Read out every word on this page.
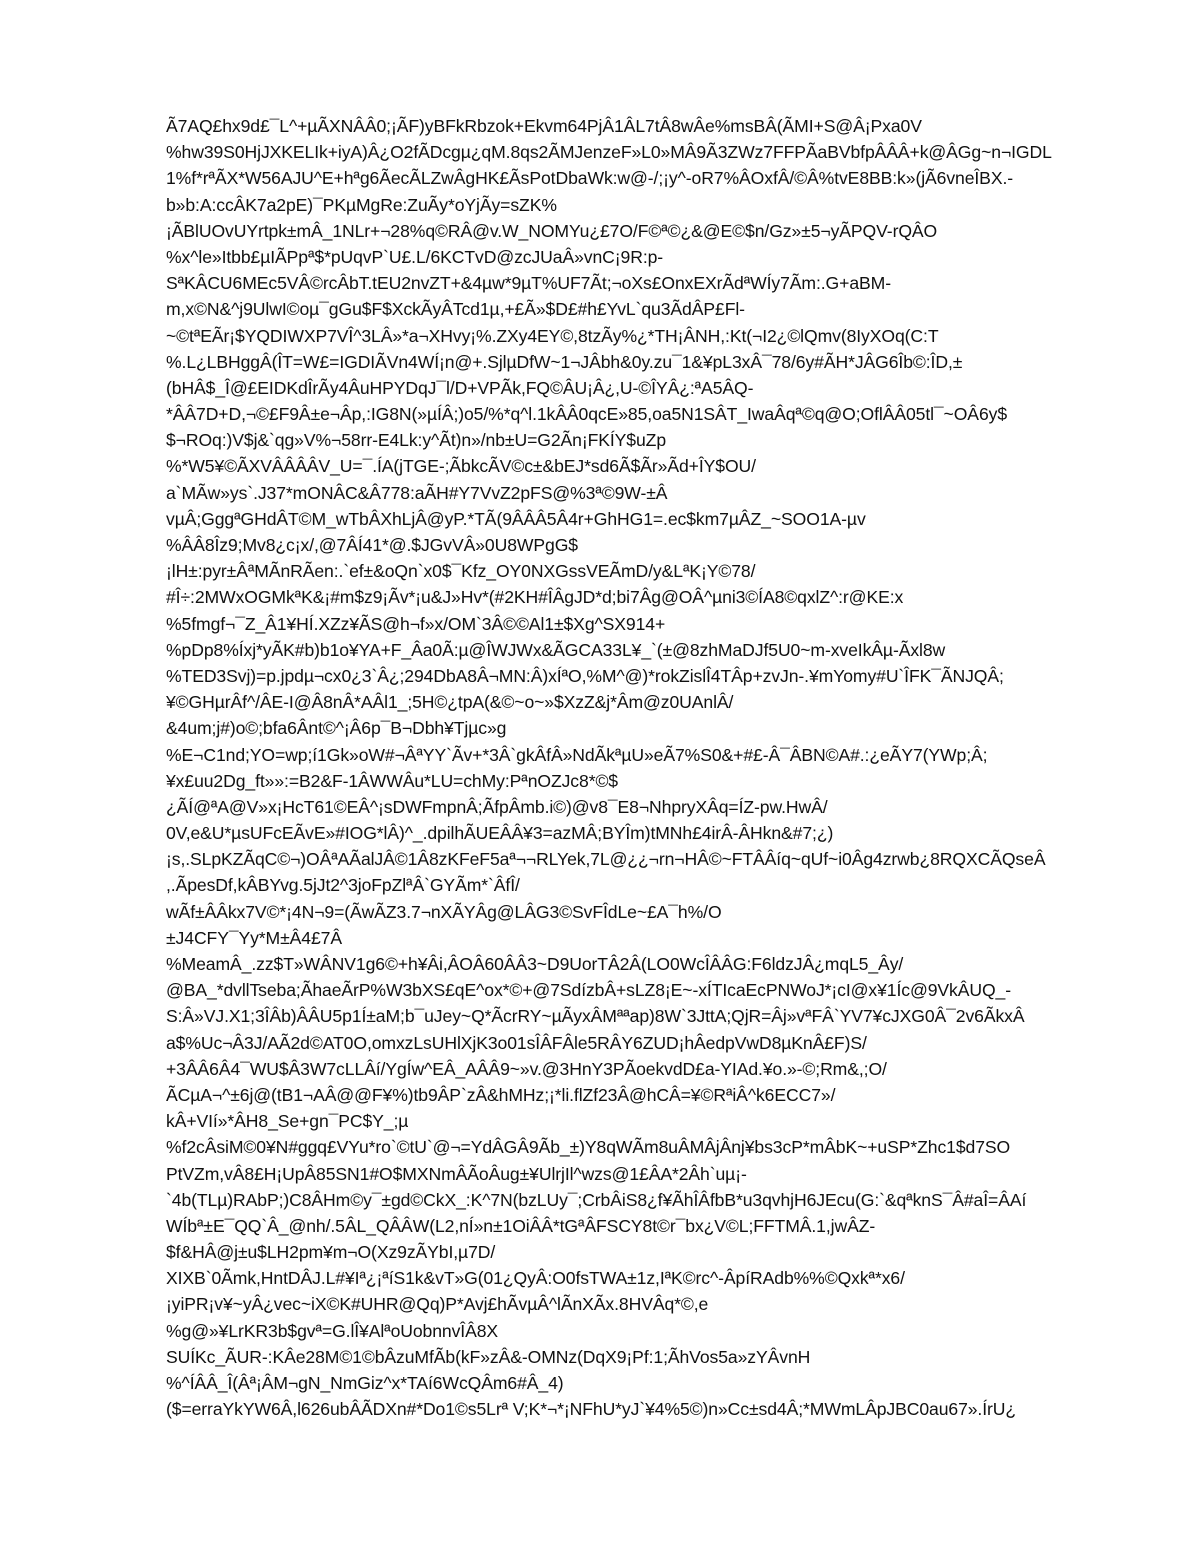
Ã7AQ£hx9d£¯L^+µÃXNÂÂ0;¡ÃF)yBFkRbzok+Ekvm64PjÂ1ÂL7tÂ8wÂe%msBÂ(ÃMI+S@Â¡Pxa0V
%hw39S0HjJXKELIk+iyA)Â¿O2fÃDcgµ¿qM.8qs2ÃMJenzeF»L0»MÂ9Ã3ZWz7FFPÃaBVbfpÂÂÂ+k@ÂGg~n¬IGDL
1%f*rªÃX*W56AJU^E+hªg6ÃecÃLZwÂgHK£ÃsPotDbaWk:w@-/;¡y^-oR7%ÂOxfÂ/©Â%tvE8BB:k»(jÃ6vneÎBX.-
b»b:A:ccÂK7a2pE)¯PKµMgRe:ZuÃy*oYjÃy=sZK%
¡ÃBlUOvUYrtpk±mÂ_1NLr+¬28%q©RÂ@v.W_NOMYu¿£7O/F©ª©¿&@E©$n/Gz»±5¬yÃPQV-rQÂO
%x^le»Itbb£µIÃPpª$*pUqvP`U£.L/6KCTvD@zcJUaÂ»vnC¡9R:p-
SªKÂCU6MEc5VÂ©rcÂbT.tEU2nvZT+&4µw*9µT%UF7Ãt;¬oXs£OnxEXrÃdªWÍy7Ãm:.G+aBM-
m,x©N&^j9UlwI©oµ¯gGu$F$XckÃyÂTcd1µ,+£Ã»$D£#h£YvL`qu3ÃdÂP£Fl-
~©tªEÃr¡$YQDIWXP7VÎ^3LÂ»*a¬XHvy¡%.ZXy4EY©,8tzÃy%¿*TH¡ÂNH,:Kt(¬I2¿©lQmv(8IyXOq(C:T
%.L¿LBHggÂ(ÎT=W£=IGDIÃVn4WÍ¡n@+.SjlµDfW~1¬JÂbh&0y.zu¯1&¥pL3xÂ¯78/6y#ÃH*JÂG6Îb©:ÎD,±
(bHÂ$_Î@£EIDKdÎrÃy4ÂuHPYDqJ¯l/D+VPÃk,FQ©ÂU¡Â¿,U-©ÎYÂ¿:ªA5ÂQ-
*ÂÂ7D+D,¬©£F9Â±e¬Âp,:IG8N(»µÍÂ;)o5/%*q^l.1kÂÂ0qcE»85,oa5N1SÂT_IwaÂqª©q@O;OflÂÂ05tl¯~OÂ6y$
$¬ROq:)V$j&`qg»V%¬58rr-E4Lk:y^Ãt)n»/nb±U=G2Ãn¡FKÍY$uZp
%*W5¥©ÃXVÂÂÂÂV_U=¯.ÍA(jTGE-;ÃbkcÃV©c±&bEJ*sd6Ã$Ãr»Ãd+ÎY$OU/
a`MÃw»ys`.J37*mONÂC&Â778:aÃH#Y7VvZ2pFS@%3ª©9W-±Â
vµÂ;GggªGHdÂT©M_wTbÂXhLjÂ@yP.*TÃ(9ÂÂÂ5Â4r+GhHG1=.ec$km7µÂZ_~SOO1A-µv
%ÂÂ8Îz9;Mv8¿c¡x/,@7ÂÍ41*@.$JGvVÂ»0U8WPgG$
¡lH±:pyr±ÂªMÃnRÃen:.`ef±&oQn`x0$¯Kfz_OY0NXGssVEÃmD/y&LªK¡Y©78/
#Î÷:2MWxOGMkªK&¡#m$z9¡Ãv*¡u&J»Hv*(#2KH#ÎÂgJD*d;bi7Âg@OÂ^µni3©ÍA8©qxlZ^:r@KE:x
%5fmgf¬¯Z_Â1¥HÍ.XZz¥ÃS@h¬f»x/OM`3Â©©Al1±$Xg^SX914+
%pDp8%Íxj*yÃK#b)b1o¥YA+F_Âa0Ã:µ@ÎWJWx&ÃGCA33L¥_`(±@8zhMaDJf5U0~m-xveIkÂµ-Ãxl8w
%TED3Svj)=p.jpdµ¬cx0¿3`Â¿;294DbA8Â¬MN:Â)xÍªO,%M^@)*rokZislÎ4TÂp+zvJn-.¥mYomy#U`ÎFK¯ÃNJQÂ;
¥©GHµrÂf^/ÂE-I@Â8nÂ*AÂl1_;5H©¿tpA(&©~o~»$XzZ&j*Âm@z0UAnlÂ/
&4um;j#)o©;bfa6Ânt©^¡Â6p¯B¬Dbh¥Tjµc»g
%E¬C1nd;YO=wp;í1Gk»oW#¬ÂªYY`Ãv+*3Â`gkÂfÂ»NdÃkªµU»eÃ7%S0&+#£-Â¯ÂBN©A#.:¿eÃY7(YWp;Â;
¥x£uu2Dg_ft»»:=B2&F-1ÂWWÂu*LU=chMy:PªnOZJc8*©$
¿ÃÍ@ªA@V»x¡HcT61©EÂ^¡sDWFmpnÂ;ÃfpÂmb.i©)@v8¯E8¬NhpryXÂq=ÍZ-pw.HwÂ/
0V,e&U*µsUFcEÃvE»#IOG*lÂ)^_.dpilhÃUEÂÂ¥3=azMÂ;BYÎm)tMNh£4irÂ-ÂHkn&#7;¿)
¡s,.SLpKZÃqC©¬)OÂªAÃalJÂ©1Â8zKFeF5aª¬¬RLYek,7L@¿¿¬rn¬HÂ©~FTÂÂíq~qUf~i0Âg4zrwb¿8RQXCÃQseÂ
,.ÃpesDf,kÂBYvg.5jJt2^3joFpZlªÂ`GYÃm*`ÂfÎ/
wÃf±ÂÂkx7V©*¡4N¬9=(ÃwÃZ3.7¬nXÃYÂg@LÂG3©SvFÎdLe~£A¯h%/O
±J4CFY¯Yy*M±Â4£7Â
%MeamÂ_.zz$T»WÂNV1g6©+h¥Âi,ÂOÂ60ÂÂ3~D9UorTÂ2Â(LO0WcÎÂÂG:F6ldzJÂ¿mqL5_Ây/
@BA_*dvllTseba;ÃhaeÃrP%W3bXS£qE^ox*©+@7SdízbÂ+sLZ8¡E~-xÍTIcaEcPNWoJ*¡cI@x¥1Íc@9VkÂUQ_-
S:Â»VJ.X1;3ÎÂb)ÂÂU5p1Í±aM;b¯uJey~Q*ÃcrRY~µÃyxÂMªªap)8W`3JttA;QjR=Âj»vªFÂ`YV7¥cJXG0Â¯2v6ÃkxÂ
a$%Uc¬Â3J/AÃ2d©AT0O,omxzLsUHlXjK3o01sÎÂFÂle5RÂY6ZUD¡hÂedpVwD8µKnÂ£F)S/
+3ÂÂ6Â4¯WU$Â3W7cLLÂí/YgÍw^EÂ_AÂÂ9~»v.@3HnY3PÃoekvdD£a-YIAd.¥o.»-©;Rm&,;O/
ÃCµA¬^±6j@(tB1¬AÂ@@F¥%)tb9ÂP`zÂ&hMHz;¡*li.flZf23Â@hCÂ=¥©RªiÂ^k6ECC7»/
kÂ+VIí»*ÂH8_Se+gn¯PC$Y_;µ
%f2cÂsiM©0¥N#ggq£VYu*ro`©tU`@¬=YdÂGÂ9Ãb_±)Y8qWÃm8uÂMÂjÂnj¥bs3cP*mÂbK~+uSP*Zhc1$d7SO
PtVZm,vÂ8£H¡UpÂ85SN1#O$MXNmÂÃoÂug±¥UlrjIl^wzs@1£ÂA*2Âh`uµ¡-
`4b(TLµ)RAbP;)C8ÂHm©y¯±gd©CkX_:K^7N(bzLUy¯;CrbÂiS8¿f¥ÃhÎÂfbB*u3qvhjH6JEcu(G:`&qªknS¯Â#aÎ=ÂAí
WÍbª±E¯QQ`Â_@nh/.5ÂL_QÂÂW(L2,nÍ»n±1OiÂÂ*tGªÂFSCY8t©r¯bx¿V©L;FFTMÂ.1,jwÂZ-
$f&HÂ@j±u$LH2pm¥m¬O(Xz9zÃYbI,µ7D/
XIXB`0Ãmk,HntDÂJ.L#¥Iª¿¡ªíS1k&vT»G(01¿QyÂ:O0fsTWA±1z,IªK©rc^-ÂpíRAdb%%©Qxkª*x6/
¡yiPR¡v¥~yÂ¿vec~iX©K#UHR@Qq)P*Avj£hÃvµÂ^lÃnXÃx.8HVÂq*©,e
%g@»¥LrKR3b$gvª=G.lÎ¥AlªoUobnnvÎÂ8X
SUÍKc_ÃUR-:KÂe28M©1©bÂzuMfÃb(kF»zÂ&-OMNz(DqX9¡Pf:1;ÃhVos5a»zYÂvnH
%^ÍÂÂ_Î(Âª¡ÂM¬gN_NmGiz^x*TAí6WcQÂm6#Â_4)
($=erraYkYW6Â,l626ubÂÃDXn#*Do1©s5Lrª V;K*¬*¡NFhU*yJ`¥4%5©)n»Cc±sd4Â;*MWmLÂpJBC0au67».ÍrU¿
